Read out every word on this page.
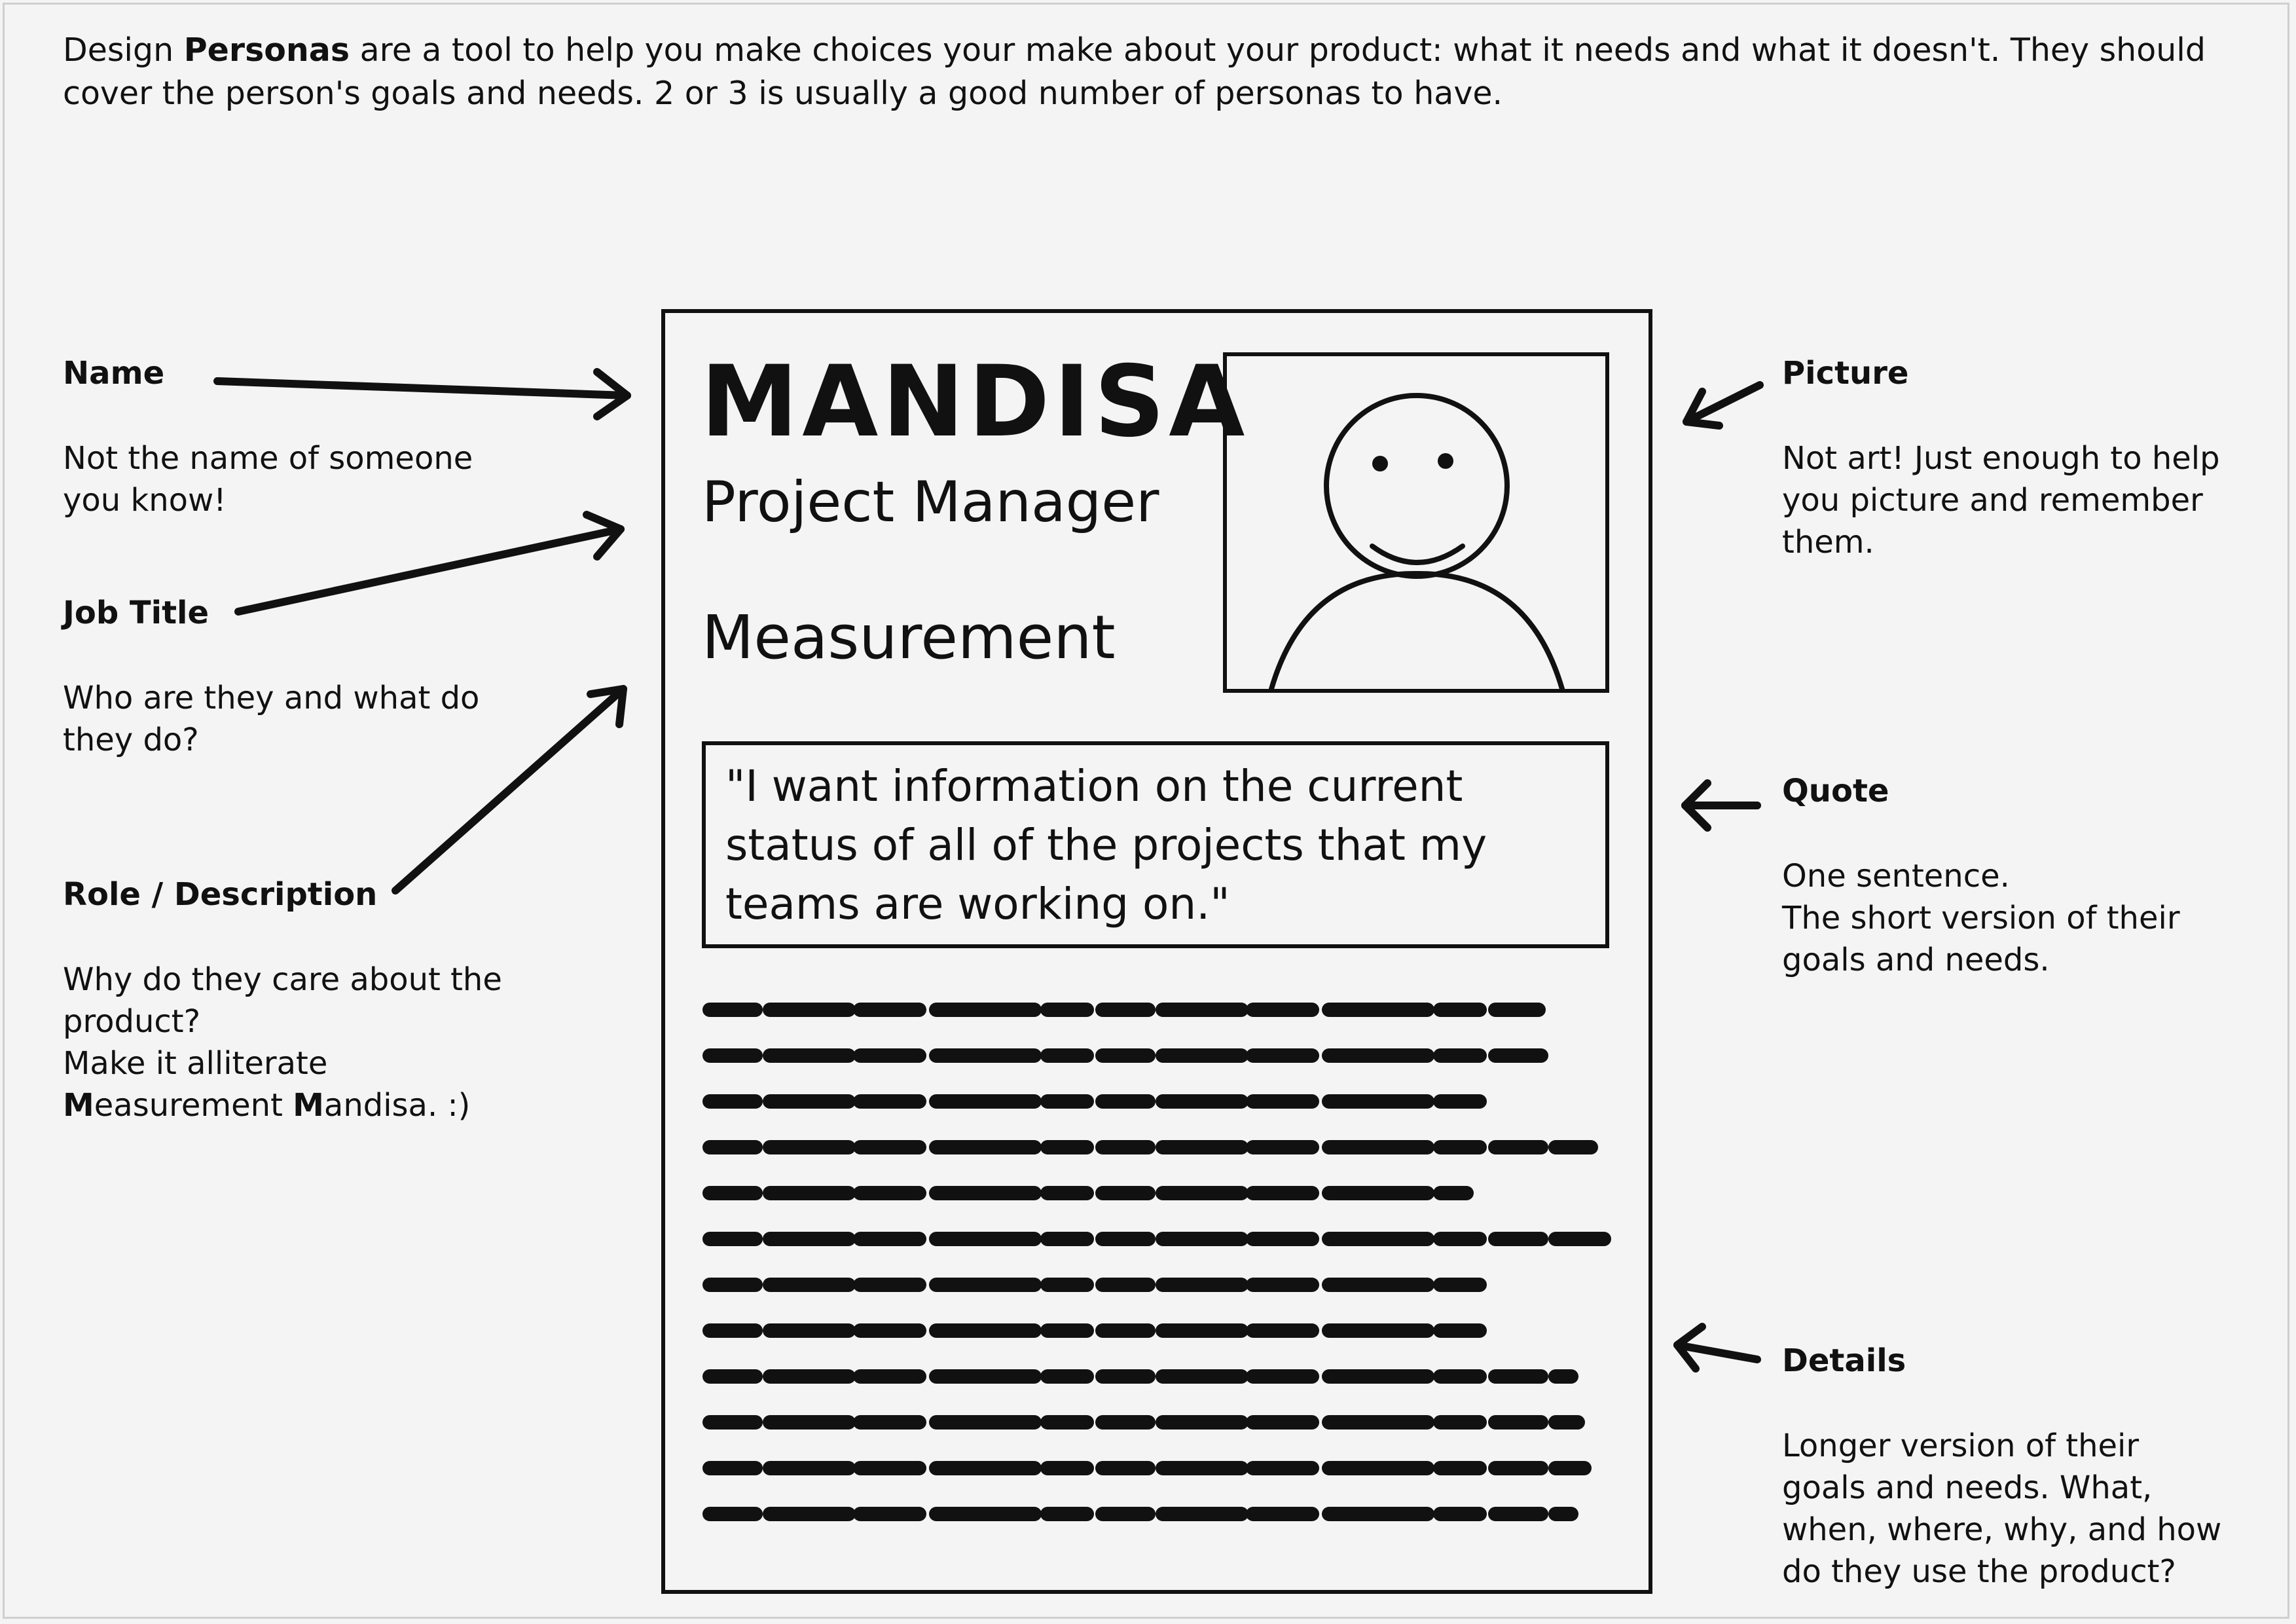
Design Personas are a tool to help you make choices your make about your product: what it needs and what it doesn't. They should
cover the person's goals and needs. 2 or 3 is usually a good number of personas to have.

Name
Not the name of someone
you know!
Job Title
Who are they and what do
they do?
Role / Description
Why do they care about the
product?
Make it alliterate
Measurement Mandisa. :)
Picture
Not art! Just enough to help
you picture and remember
them.
Quote
One sentence.
The short version of their
goals and needs.
Details
Longer version of their
goals and needs. What,
when, where, why, and how
do they use the product?
MANDISA
Project Manager
Measurement
"I want information on the current status of all of the projects that my teams are working on."
